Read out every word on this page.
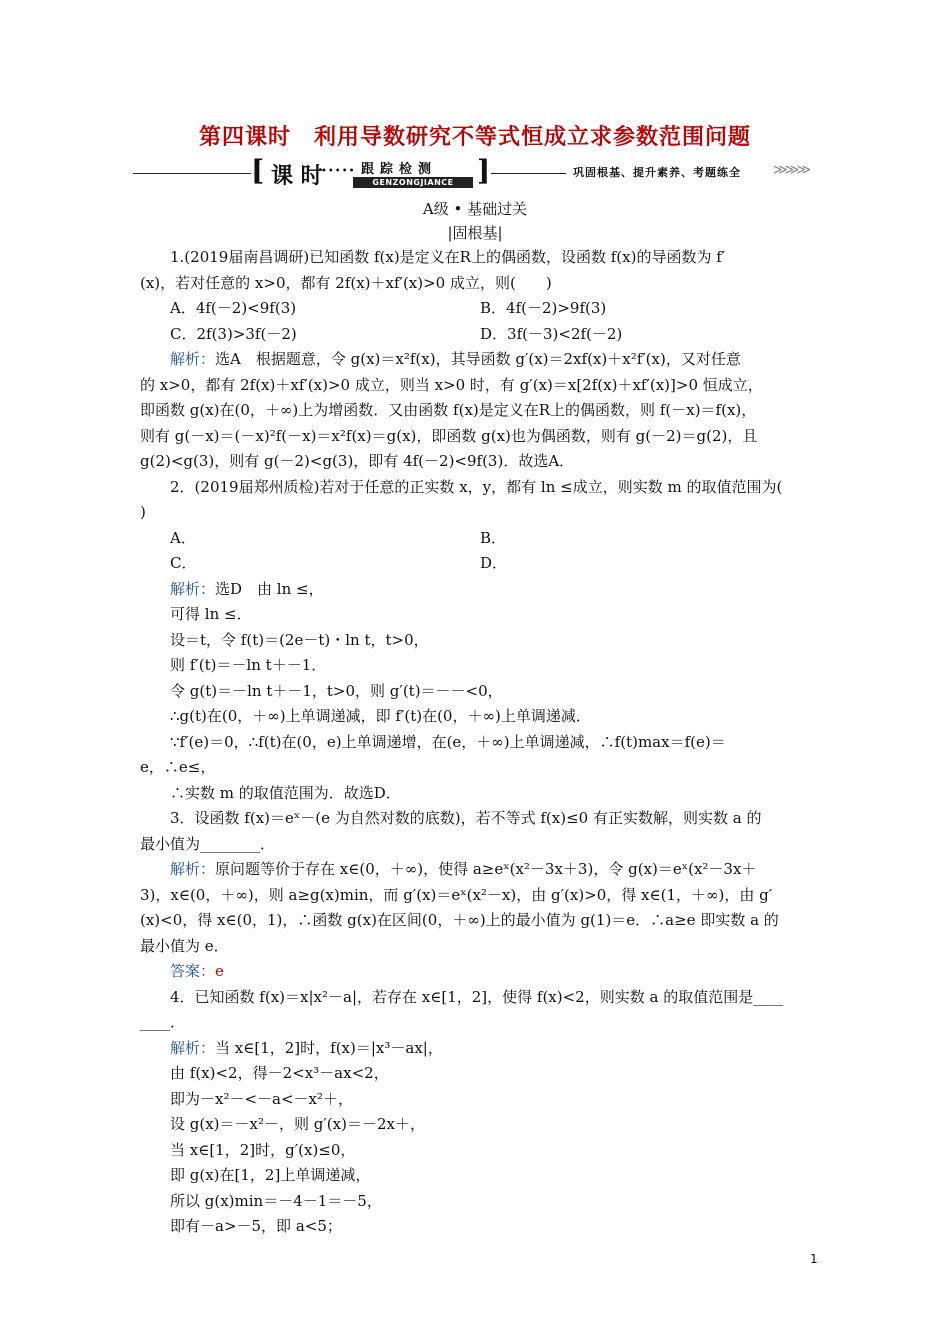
第四课时　利用导数研究不等式恒成立求参数范围问题
[ 课 时
••••• 跟踪检测
GENZONGJIANCE ]	巩固根基、提升素养、考题练全 ≫≫≫
A级 • 基础过关
|固根基|

1.(2019届南昌调研)已知函数 f(x)是定义在R上的偶函数，设函数 f(x)的导函数为 f′

(x)，若对任意的 x>0，都有 2f(x)＋xf′(x)>0 成立，则(　　)

A．4f(－2)<9f(3)	B．4f(－2)>9f(3)
C．2f(3)>3f(－2)	D．3f(－3)<2f(－2)

解析：选A　根据题意，令 g(x)＝x²f(x)，其导函数 g′(x)＝2xf(x)＋x²f′(x)，又对任意

的 x>0，都有 2f(x)＋xf′(x)>0 成立，则当 x>0 时，有 g′(x)＝x[2f(x)＋xf′(x)]>0 恒成立，

即函数 g(x)在(0，＋∞)上为增函数．又由函数 f(x)是定义在R上的偶函数，则 f(－x)＝f(x)，

则有 g(－x)＝(－x)²f(－x)＝x²f(x)＝g(x)，即函数 g(x)也为偶函数，则有 g(－2)＝g(2)，且

g(2)<g(3)，则有 g(－2)<g(3)，即有 4f(－2)<9f(3)．故选A．

2．(2019届郑州质检)若对于任意的正实数 x，y，都有 ln ≤成立，则实数 m 的取值范围为(

)

A．	B．
C．	D．

解析：选D　由 ln ≤，

可得 ln ≤．

设＝t，令 f(t)＝(2e－t)・ln t，t>0，

则 f′(t)＝－ln t＋－1．

令 g(t)＝－ln t＋－1，t>0，则 g′(t)＝－－<0，

∴g(t)在(0，＋∞)上单调递减，即 f′(t)在(0，＋∞)上单调递减．

∵f′(e)＝0，∴f(t)在(0，e)上单调递增，在(e，＋∞)上单调递减，∴f(t)max＝f(e)＝

e，∴e≤，

∴实数 m 的取值范围为．故选D．

3．设函数 f(x)＝eˣ－(e 为自然对数的底数)，若不等式 f(x)≤0 有正实数解，则实数 a 的

最小值为________．

解析：原问题等价于存在 x∈(0，＋∞)，使得 a≥eˣ(x²－3x＋3)，令 g(x)＝eˣ(x²－3x＋

3)，x∈(0，＋∞)，则 a≥g(x)min，而 g′(x)＝eˣ(x²－x)，由 g′(x)>0，得 x∈(1，＋∞)，由 g′

(x)<0，得 x∈(0，1)，∴函数 g(x)在区间(0，＋∞)上的最小值为 g(1)＝e．∴a≥e 即实数 a 的

最小值为 e．

答案：e

4．已知函数 f(x)＝x|x²－a|，若存在 x∈[1，2]，使得 f(x)<2，则实数 a 的取值范围是____

____．

解析：当 x∈[1，2]时，f(x)＝|x³－ax|，

由 f(x)<2，得－2<x³－ax<2，

即为－x²－<－a<－x²＋，

设 g(x)＝－x²－，则 g′(x)＝－2x＋，

当 x∈[1，2]时，g′(x)≤0，

即 g(x)在[1，2]上单调递减，

所以 g(x)min＝－4－1＝－5，

即有－a>－5，即 a<5；

1
